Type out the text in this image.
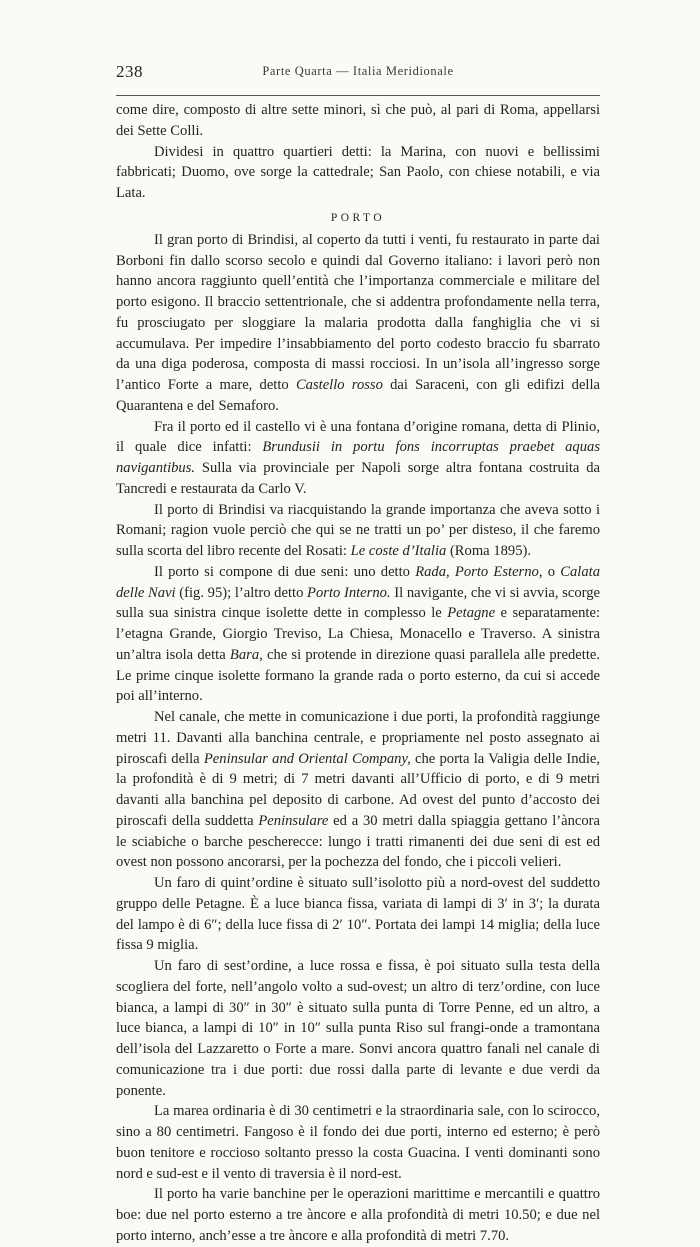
238	Parte Quarta — Italia Meridionale

come dire, composto di altre sette minori, sì che può, al pari di Roma, appellarsi dei Sette Colli.

Dividesi in quattro quartieri detti: la Marina, con nuovi e bellissimi fabbricati; Duomo, ove sorge la cattedrale; San Paolo, con chiese notabili, e via Lata.

PORTO

Il gran porto di Brindisi, al coperto da tutti i venti, fu restaurato in parte dai Borboni fin dallo scorso secolo e quindi dal Governo italiano: i lavori però non hanno ancora raggiunto quell’entità che l’importanza commerciale e militare del porto esigono. Il braccio settentrionale, che si addentra profondamente nella terra, fu prosciugato per sloggiare la malaria prodotta dalla fanghiglia che vi si accumulava. Per impedire l’insabbiamento del porto codesto braccio fu sbarrato da una diga poderosa, composta di massi rocciosi. In un’isola all’ingresso sorge l’antico Forte a mare, detto Castello rosso dai Saraceni, con gli edifizi della Quarantena e del Semaforo.

Fra il porto ed il castello vi è una fontana d’origine romana, detta di Plinio, il quale dice infatti: Brundusii in portu fons incorruptas praebet aquas navigantibus. Sulla via provinciale per Napoli sorge altra fontana costruita da Tancredi e restaurata da Carlo V.

Il porto di Brindisi va riacquistando la grande importanza che aveva sotto i Romani; ragion vuole perciò che qui se ne tratti un po’ per disteso, il che faremo sulla scorta del libro recente del Rosati: Le coste d’Italia (Roma 1895).

Il porto si compone di due seni: uno detto Rada, Porto Esterno, o Calata delle Navi (fig. 95); l’altro detto Porto Interno. Il navigante, che vi si avvia, scorge sulla sua sinistra cinque isolette dette in complesso le Petagne e separatamente: l’etagna Grande, Giorgio Treviso, La Chiesa, Monacello e Traverso. A sinistra un’altra isola detta Bara, che si protende in direzione quasi parallela alle predette. Le prime cinque isolette formano la grande rada o porto esterno, da cui si accede poi all’interno.

Nel canale, che mette in comunicazione i due porti, la profondità raggiunge metri 11. Davanti alla banchina centrale, e propriamente nel posto assegnato ai piroscafi della Peninsular and Oriental Company, che porta la Valigia delle Indie, la profondità è di 9 metri; di 7 metri davanti all’Ufficio di porto, e di 9 metri davanti alla banchina pel deposito di carbone. Ad ovest del punto d’accosto dei piroscafi della suddetta Peninsulare ed a 30 metri dalla spiaggia gettano l’àncora le sciabiche o barche pescherecce: lungo i tratti rimanenti dei due seni di est ed ovest non possono ancorarsi, per la pochezza del fondo, che i piccoli velieri.

Un faro di quint’ordine è situato sull’isolotto più a nord-ovest del suddetto gruppo delle Petagne. È a luce bianca fissa, variata di lampi di 3′ in 3′; la durata del lampo è di 6″; della luce fissa di 2′ 10″. Portata dei lampi 14 miglia; della luce fissa 9 miglia.

Un faro di sest’ordine, a luce rossa e fissa, è poi situato sulla testa della scogliera del forte, nell’angolo volto a sud-ovest; un altro di terz’ordine, con luce bianca, a lampi di 30″ in 30″ è situato sulla punta di Torre Penne, ed un altro, a luce bianca, a lampi di 10″ in 10″ sulla punta Riso sul frangi-onde a tramontana dell’isola del Lazzaretto o Forte a mare. Sonvi ancora quattro fanali nel canale di comunicazione tra i due porti: due rossi dalla parte di levante e due verdi da ponente.

La marea ordinaria è di 30 centimetri e la straordinaria sale, con lo scirocco, sino a 80 centimetri. Fangoso è il fondo dei due porti, interno ed esterno; è però buon tenitore e roccioso soltanto presso la costa Guacina. I venti dominanti sono nord e sud-est e il vento di traversia è il nord-est.

Il porto ha varie banchine per le operazioni marittime e mercantili e quattro boe: due nel porto esterno a tre àncore e alla profondità di metri 10.50; e due nel porto interno, anch’esse a tre àncore e alla profondità di metri 7.70.
